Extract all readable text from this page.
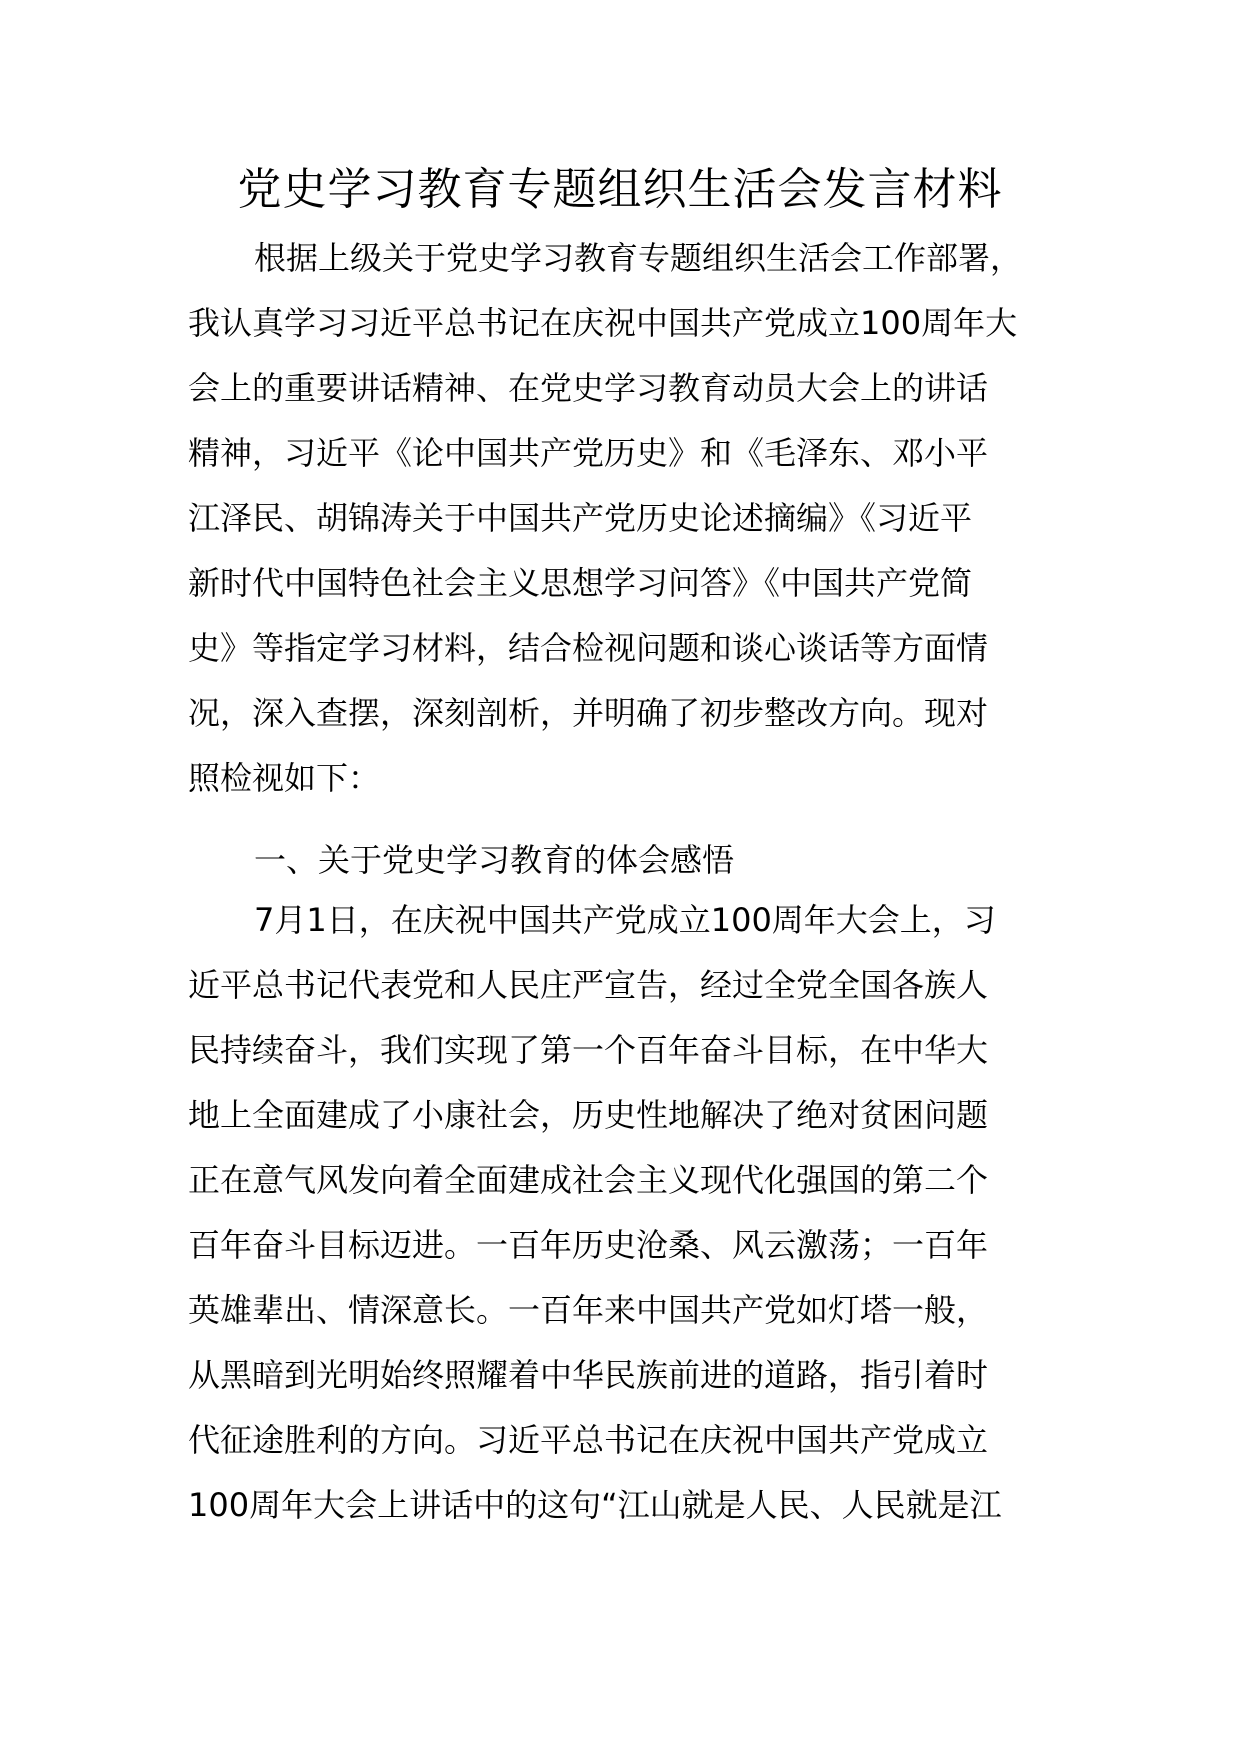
党史学习教育专题组织生活会发言材料
根据上级关于党史学习教育专题组织生活会工作部署，
我认真学习习近平总书记在庆祝中国共产党成立100周年大
会上的重要讲话精神、在党史学习教育动员大会上的讲话
精神，习近平《论中国共产党历史》和《毛泽东、邓小平
江泽民、胡锦涛关于中国共产党历史论述摘编》《习近平
新时代中国特色社会主义思想学习问答》《中国共产党简
史》等指定学习材料，结合检视问题和谈心谈话等方面情
况，深入查摆，深刻剖析，并明确了初步整改方向。现对
照检视如下：
一、关于党史学习教育的体会感悟
7月1日，在庆祝中国共产党成立100周年大会上，习
近平总书记代表党和人民庄严宣告，经过全党全国各族人
民持续奋斗，我们实现了第一个百年奋斗目标，在中华大
地上全面建成了小康社会，历史性地解决了绝对贫困问题
正在意气风发向着全面建成社会主义现代化强国的第二个
百年奋斗目标迈进。一百年历史沧桑、风云激荡；一百年
英雄辈出、情深意长。一百年来中国共产党如灯塔一般，
从黑暗到光明始终照耀着中华民族前进的道路，指引着时
代征途胜利的方向。习近平总书记在庆祝中国共产党成立
100周年大会上讲话中的这句“江山就是人民、人民就是江
